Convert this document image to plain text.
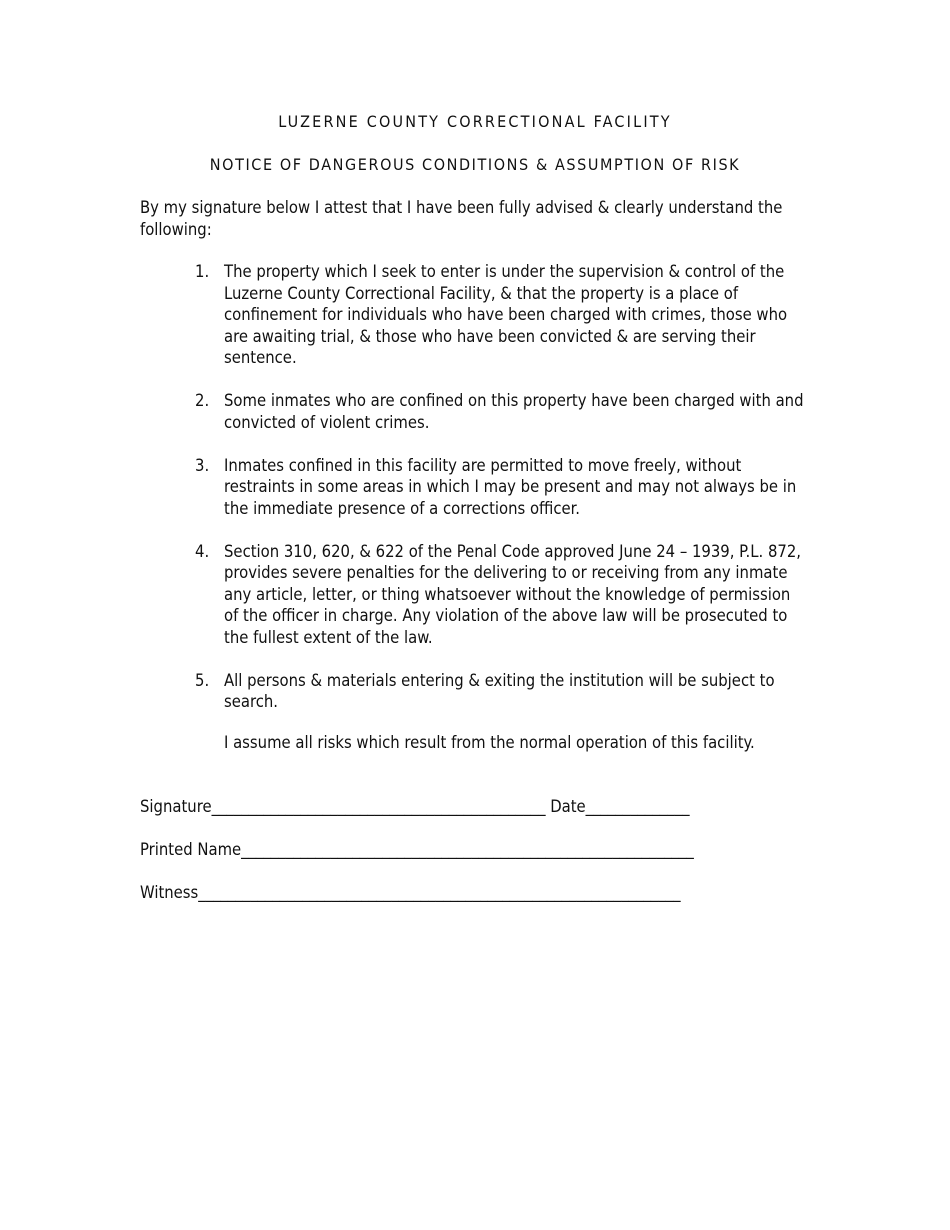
LUZERNE COUNTY CORRECTIONAL FACILITY
NOTICE OF DANGEROUS CONDITIONS & ASSUMPTION OF RISK
By my signature below I attest that I have been fully advised & clearly understand the following:
1. The property which I seek to enter is under the supervision & control of the Luzerne County Correctional Facility, & that the property is a place of confinement for individuals who have been charged with crimes, those who are awaiting trial, & those who have been convicted & are serving their sentence.
2. Some inmates who are confined on this property have been charged with and convicted of violent crimes.
3. Inmates confined in this facility are permitted to move freely, without restraints in some areas in which I may be present and may not always be in the immediate presence of a corrections officer.
4. Section 310, 620, & 622 of the Penal Code approved June 24 – 1939, P.L. 872, provides severe penalties for the delivering to or receiving from any inmate any article, letter, or thing whatsoever without the knowledge of permission of the officer in charge. Any violation of the above law will be prosecuted to the fullest extent of the law.
5. All persons & materials entering & exiting the institution will be subject to search.
I assume all risks which result from the normal operation of this facility.
Signature_____________________________________________ Date______________
Printed Name_____________________________________________________________
Witness_________________________________________________________________
